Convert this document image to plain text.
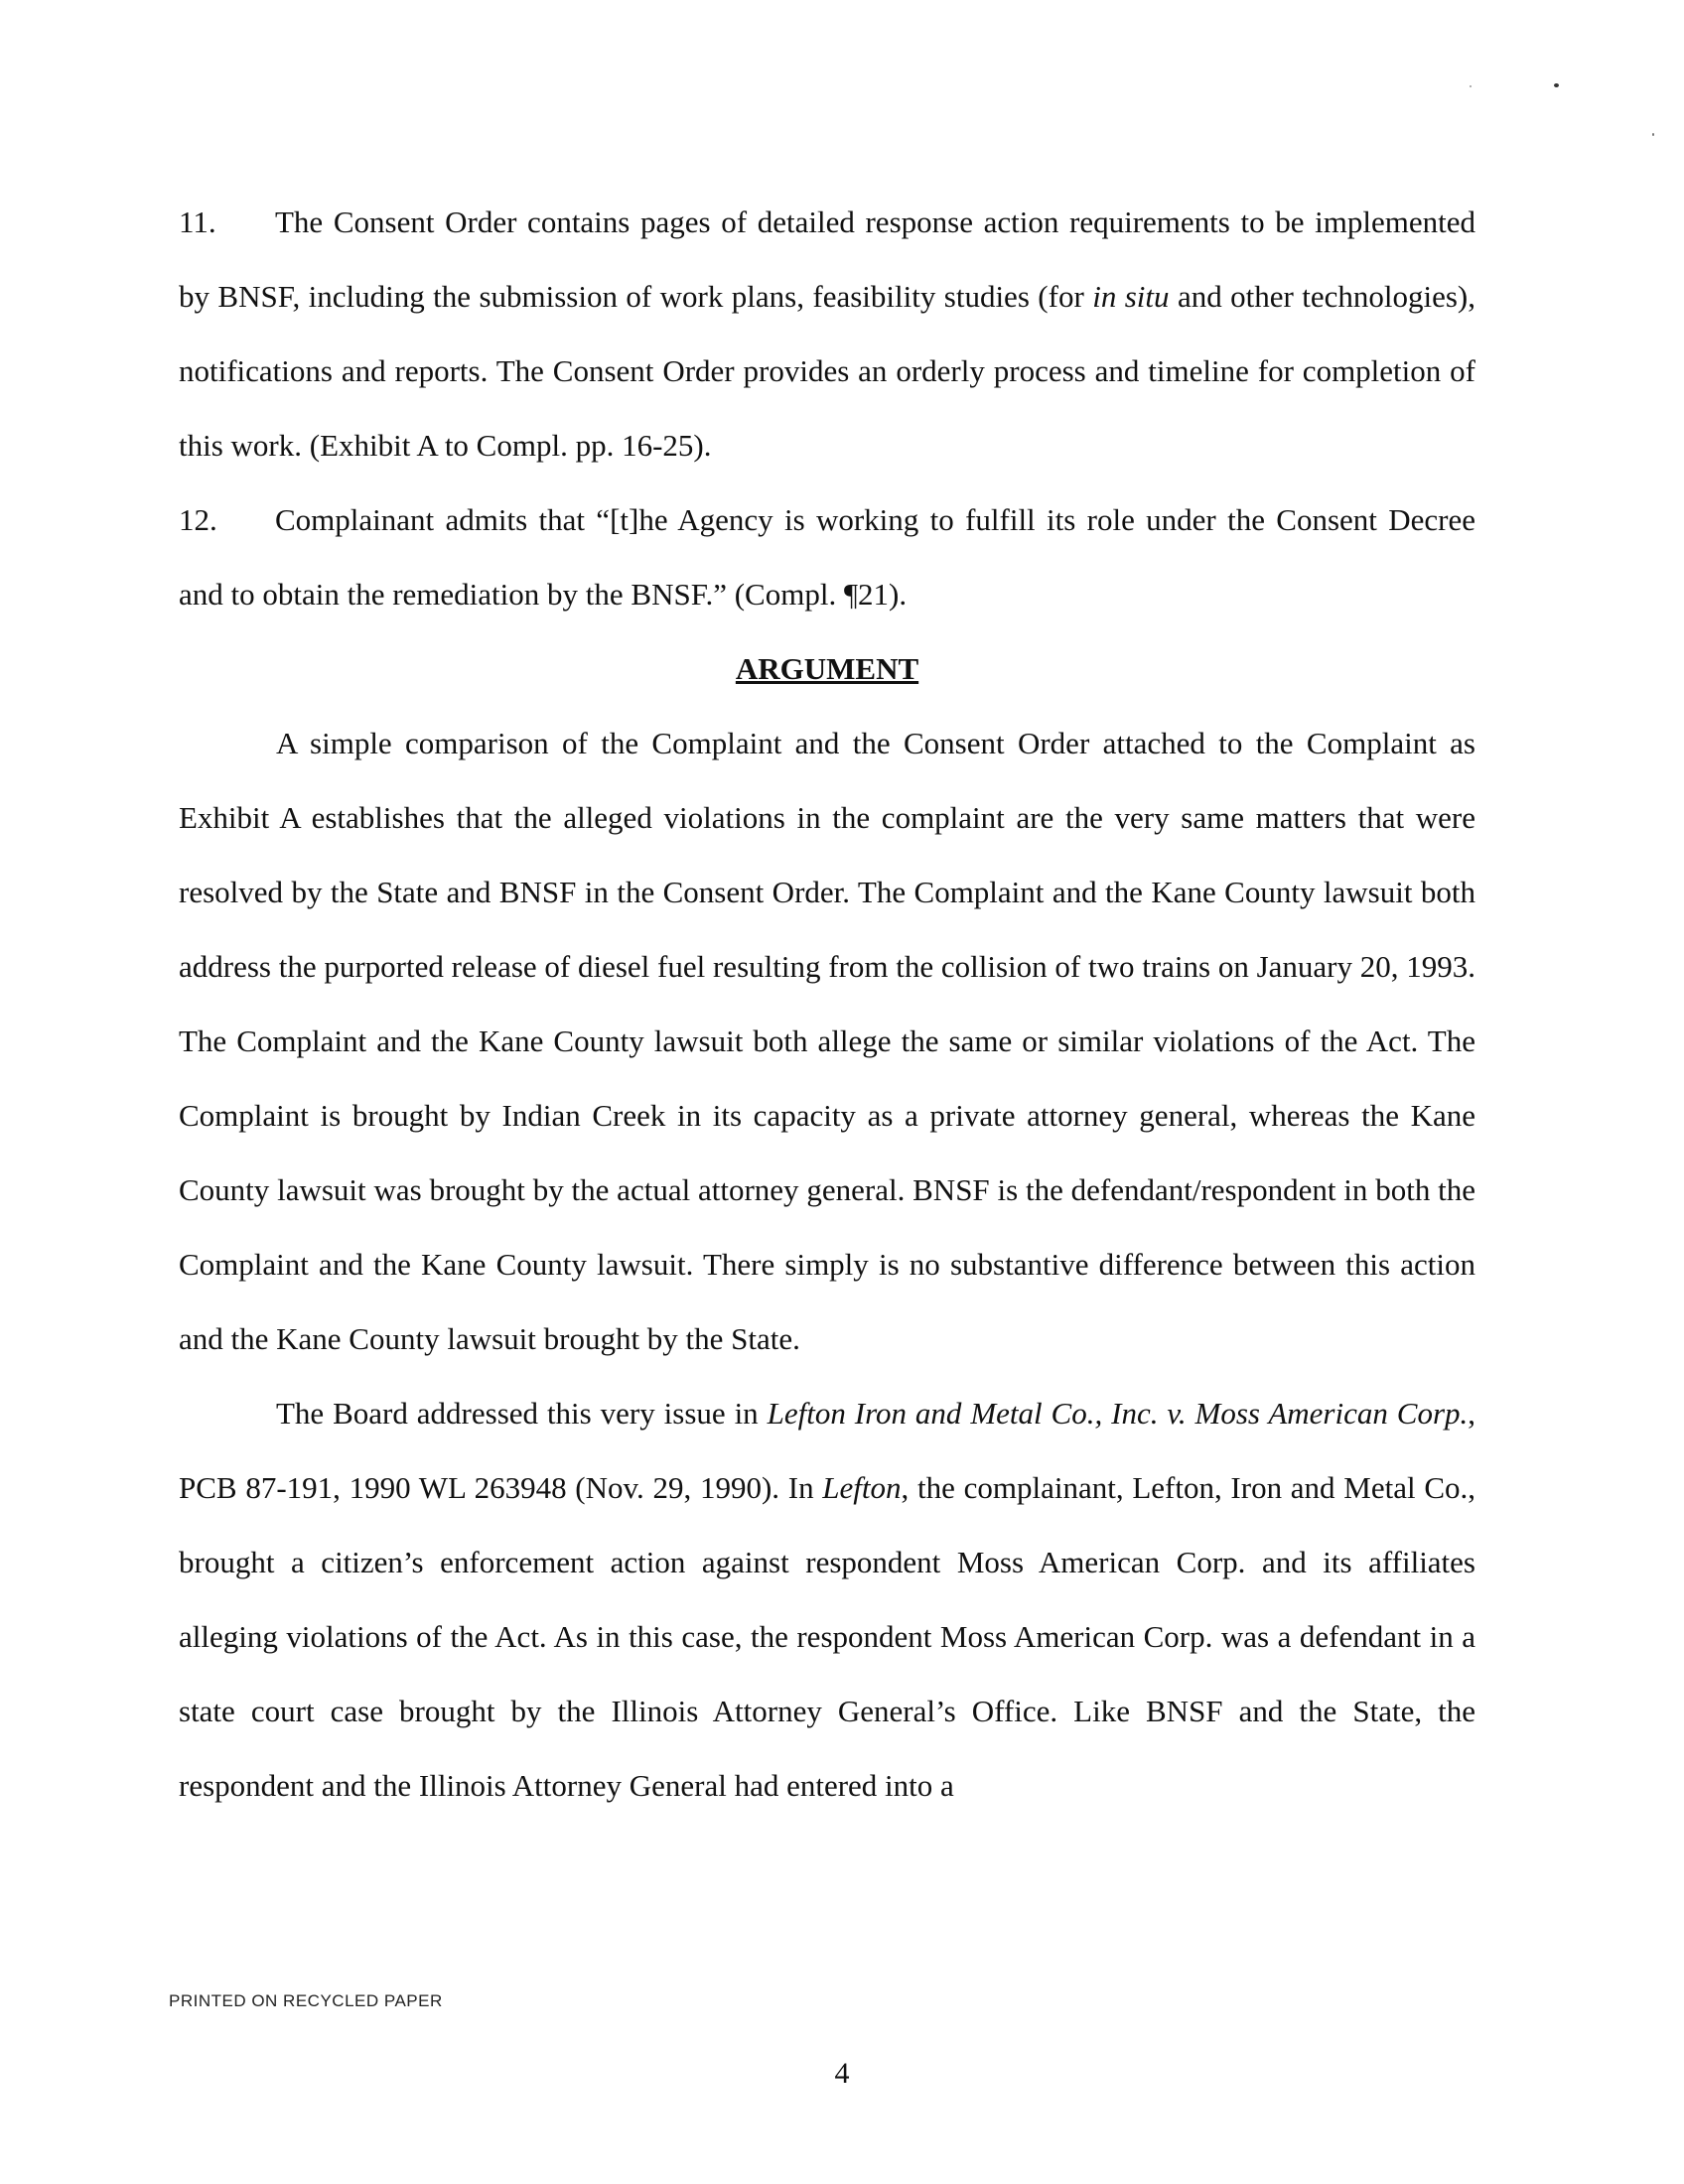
11. The Consent Order contains pages of detailed response action requirements to be implemented by BNSF, including the submission of work plans, feasibility studies (for in situ and other technologies), notifications and reports. The Consent Order provides an orderly process and timeline for completion of this work. (Exhibit A to Compl. pp. 16-25).

12. Complainant admits that “[t]he Agency is working to fulfill its role under the Consent Decree and to obtain the remediation by the BNSF.” (Compl. ¶21).

ARGUMENT

A simple comparison of the Complaint and the Consent Order attached to the Complaint as Exhibit A establishes that the alleged violations in the complaint are the very same matters that were resolved by the State and BNSF in the Consent Order. The Complaint and the Kane County lawsuit both address the purported release of diesel fuel resulting from the collision of two trains on January 20, 1993. The Complaint and the Kane County lawsuit both allege the same or similar violations of the Act. The Complaint is brought by Indian Creek in its capacity as a private attorney general, whereas the Kane County lawsuit was brought by the actual attorney general. BNSF is the defendant/respondent in both the Complaint and the Kane County lawsuit. There simply is no substantive difference between this action and the Kane County lawsuit brought by the State.

The Board addressed this very issue in Lefton Iron and Metal Co., Inc. v. Moss American Corp., PCB 87-191, 1990 WL 263948 (Nov. 29, 1990). In Lefton, the complainant, Lefton, Iron and Metal Co., brought a citizen’s enforcement action against respondent Moss American Corp. and its affiliates alleging violations of the Act. As in this case, the respondent Moss American Corp. was a defendant in a state court case brought by the Illinois Attorney General’s Office. Like BNSF and the State, the respondent and the Illinois Attorney General had entered into a

PRINTED ON RECYCLED PAPER
4
